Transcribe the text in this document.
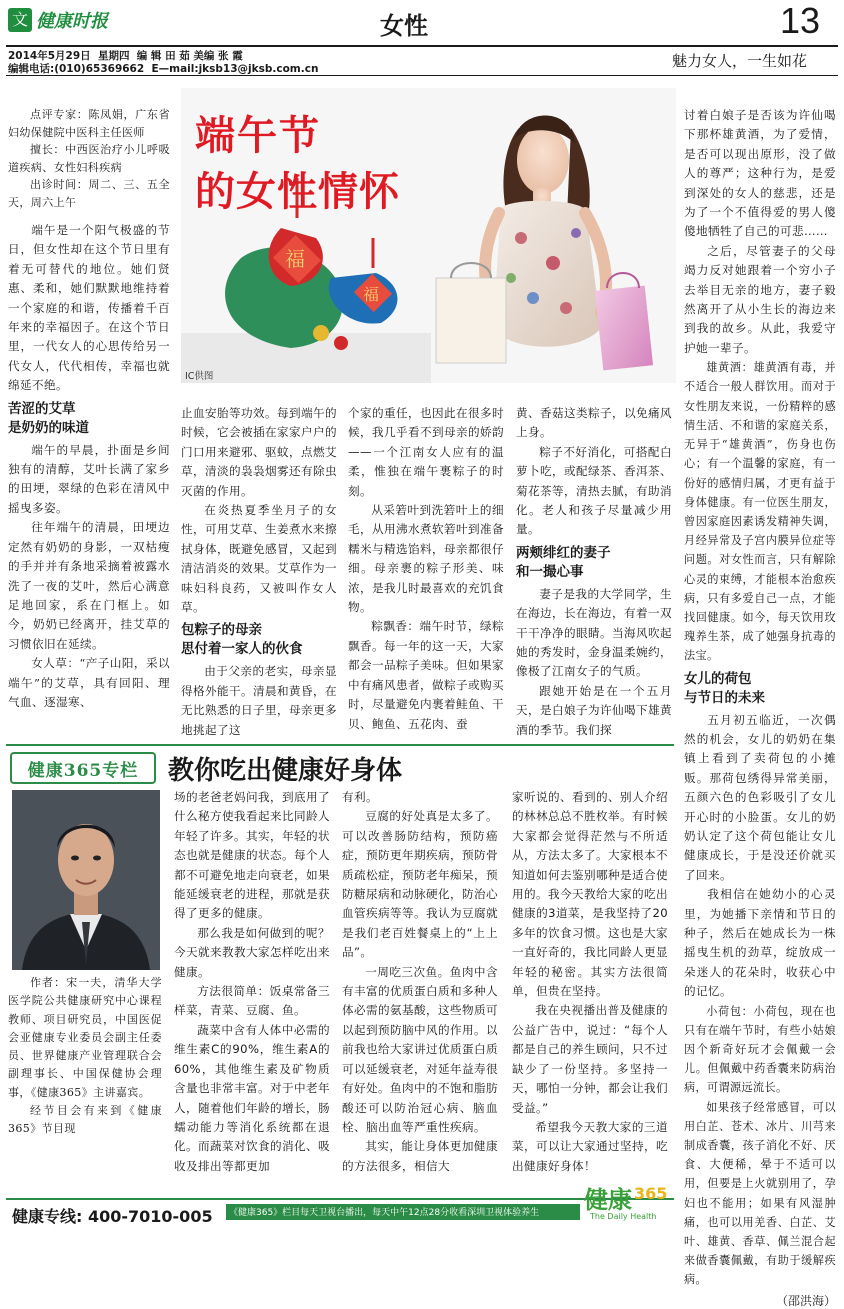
文 健康时报	女性	13
2014年5月29日  星期四  编 辑 田 茹 美编 张 霞
编辑电话:(010)65369662  E—mail:jksb13@jksb.com.cn	魅力女人，一生如花
福
福
端午节
的女性情怀
IC供图

点评专家：陈凤娟，广东省妇幼保健院中医科主任医师

擅长：中西医治疗小儿呼吸道疾病、女性妇科疾病

出诊时间：周二、三、五全天，周六上午

端午是一个阳气极盛的节日，但女性却在这个节日里有着无可替代的地位。她们贤惠、柔和，她们默默地维持着一个家庭的和谐，传播着千百年来的幸福因子。在这个节日里，一代女人的心思传给另一代女人，代代相传，幸福也就绵延不绝。

苦涩的艾草
是奶奶的味道

端午的早晨，扑面是乡间独有的清醇，艾叶长满了家乡的田埂，翠绿的色彩在清风中摇曳多姿。

往年端午的清晨，田埂边定然有奶奶的身影，一双枯瘦的手并并有条地采摘着被露水洗了一夜的艾叶，然后心满意足地回家，系在门框上。如今，奶奶已经离开，挂艾草的习惯依旧在延续。

女人草：“产子山阳，采以端午”的艾草，具有回阳、理气血、逐湿寒、

止血安胎等功效。每到端午的时候，它会被插在家家户户的门口用来避邪、驱蚊，点燃艾草，清淡的袅袅烟雾还有除虫灭菌的作用。

在炎热夏季坐月子的女性，可用艾草、生姜煮水来擦拭身体，既避免感冒，又起到清洁消炎的效果。艾草作为一味妇科良药，又被叫作女人草。

包粽子的母亲
思付着一家人的伙食

由于父亲的老实，母亲显得格外能干。清晨和黄昏，在无比熟悉的日子里，母亲更多地挑起了这

个家的重任，也因此在很多时候，我几乎看不到母亲的娇韵——一个江南女人应有的温柔，惟独在端午裹粽子的时刻。

从采箬叶到洗箬叶上的细毛，从用沸水煮软箬叶到准备糯米与精选馅料，母亲都很仔细。母亲裹的粽子形美、味浓，是我儿时最喜欢的充饥食物。

粽飘香：端午时节，绿粽飘香。每一年的这一天，大家都会一品粽子美味。但如果家中有痛风患者，做粽子或购买时，尽量避免内裹着鲑鱼、干贝、鲍鱼、五花肉、蚕

黄、香菇这类粽子，以免痛风上身。

粽子不好消化，可搭配白萝卜吃，或配绿茶、香洱茶、菊花茶等，清热去腻，有助消化。老人和孩子尽量减少用量。

两颊绯红的妻子
和一撮心事

妻子是我的大学同学，生在海边，长在海边，有着一双干干净净的眼睛。当海风吹起她的秀发时，金身温柔婉约，像极了江南女子的气质。

跟她开始是在一个五月天，是白娘子为许仙喝下雄黄酒的季节。我们探

讨着白娘子是否该为许仙喝下那杯雄黄酒，为了爱情，是否可以现出原形，没了做人的尊严；这种行为，是爱到深处的女人的慈悲，还是为了一个不值得爱的男人傻傻地牺牲了自己的可悲……

之后，尽管妻子的父母竭力反对她跟着一个穷小子去举目无亲的地方，妻子毅然离开了从小生长的海边来到我的故乡。从此，我爱守护她一辈子。

雄黄酒：雄黄酒有毒，并不适合一般人群饮用。而对于女性朋友来说，一份精粹的感情生活、不和谐的家庭关系，无异于“雄黄酒”，伤身也伤心；有一个温馨的家庭，有一份好的感情归属，才更有益于身体健康。有一位医生朋友，曾因家庭因素诱发精神失调，月经异常及子宫内膜异位症等问题。对女性而言，只有解除心灵的束缚，才能根本治愈疾病，只有多爱自己一点，才能找回健康。如今，每天饮用玫瑰养生茶，成了她强身抗毒的法宝。

女儿的荷包
与节日的未来

五月初五临近，一次偶然的机会，女儿的奶奶在集镇上看到了卖荷包的小摊贩。那荷包绣得异常美丽，五颜六色的色彩吸引了女儿开心时的小脸蛋。女儿的奶奶认定了这个荷包能让女儿健康成长，于是没还价就买了回来。

我相信在她幼小的心灵里，为她播下亲情和节日的种子，然后在她成长为一株摇曳生机的劲草，绽放成一朵迷人的花朵时，收获心中的记忆。

小荷包：小荷包，现在也只有在端午节时，有些小姑娘因个新奇好玩才会佩戴一会儿。但佩戴中药香囊来防病治病，可谓源远流长。

如果孩子经常感冒，可以用白芷、苍术、冰片、川芎来制成香囊，孩子消化不好、厌食、大便稀，晕于不适可以用，但要是上火就别用了，孕妇也不能用；如果有风湿肿痛，也可以用羌香、白芷、艾叶、雄黄、香草、佩兰混合起来做香囊佩戴，有助于缓解疾病。

（邵洪海）
健康365专栏 教你吃出健康好身体

作者：宋一夫，清华大学医学院公共健康研究中心课程教师、项目研究员，中国医促会亚健康专业委员会副主任委员、世界健康产业管理联合会副理事长、中国保健协会理事，《健康365》主讲嘉宾。

经节目会有来到《健康365》节目现

场的老爸老妈问我，到底用了什么秘方使我看起来比同龄人年轻了许多。其实，年轻的状态也就是健康的状态。每个人都不可避免地走向衰老，如果能延缓衰老的进程，那就是获得了更多的健康。

那么我是如何做到的呢？今天就来教教大家怎样吃出来健康。

方法很简单：饭桌常备三样菜，青菜、豆腐、鱼。

蔬菜中含有人体中必需的维生素C的90%，维生素A的60%，其他维生素及矿物质含量也非常丰富。对于中老年人，随着他们年龄的增长，肠蠕动能力等消化系统都在退化。而蔬菜对饮食的消化、吸收及排出等都更加

有利。

豆腐的好处真是太多了。可以改善肠防结构，预防癌症，预防更年期疾病，预防骨质疏松症，预防老年痴呆，预防糖尿病和动脉硬化，防治心血管疾病等等。我认为豆腐就是我们老百姓餐桌上的“上上品”。

一周吃三次鱼。鱼肉中含有丰富的优质蛋白质和多种人体必需的氨基酸，这些物质可以起到预防脑中风的作用。以前我也给大家讲过优质蛋白质可以延缓衰老，对延年益寿很有好处。鱼肉中的不饱和脂肪酸还可以防治冠心病、脑血栓、脑出血等严重性疾病。

其实，能让身体更加健康的方法很多，相信大

家听说的、看到的、别人介绍的林林总总不胜枚举。有时候大家都会觉得茫然与不所适从，方法太多了。大家根本不知道如何去鉴别哪种是适合使用的。我今天教给大家的吃出健康的3道菜，是我坚持了20多年的饮食习惯。这也是大家一直好奇的，我比同龄人更显年轻的秘密。其实方法很简单，但贵在坚持。

我在央视播出普及健康的公益广告中，说过：“每个人都是自己的养生顾问，只不过缺少了一份坚持。多坚持一天，哪怕一分钟，都会让我们受益。”

希望我今天教大家的三道菜，可以让大家通过坚持，吃出健康好身体！

健康专线: 400-7010-005	《健康365》栏目每天卫视台播出，每天中午12点28分收看深圳卫视体验养生	健康 365
The Daily Health
